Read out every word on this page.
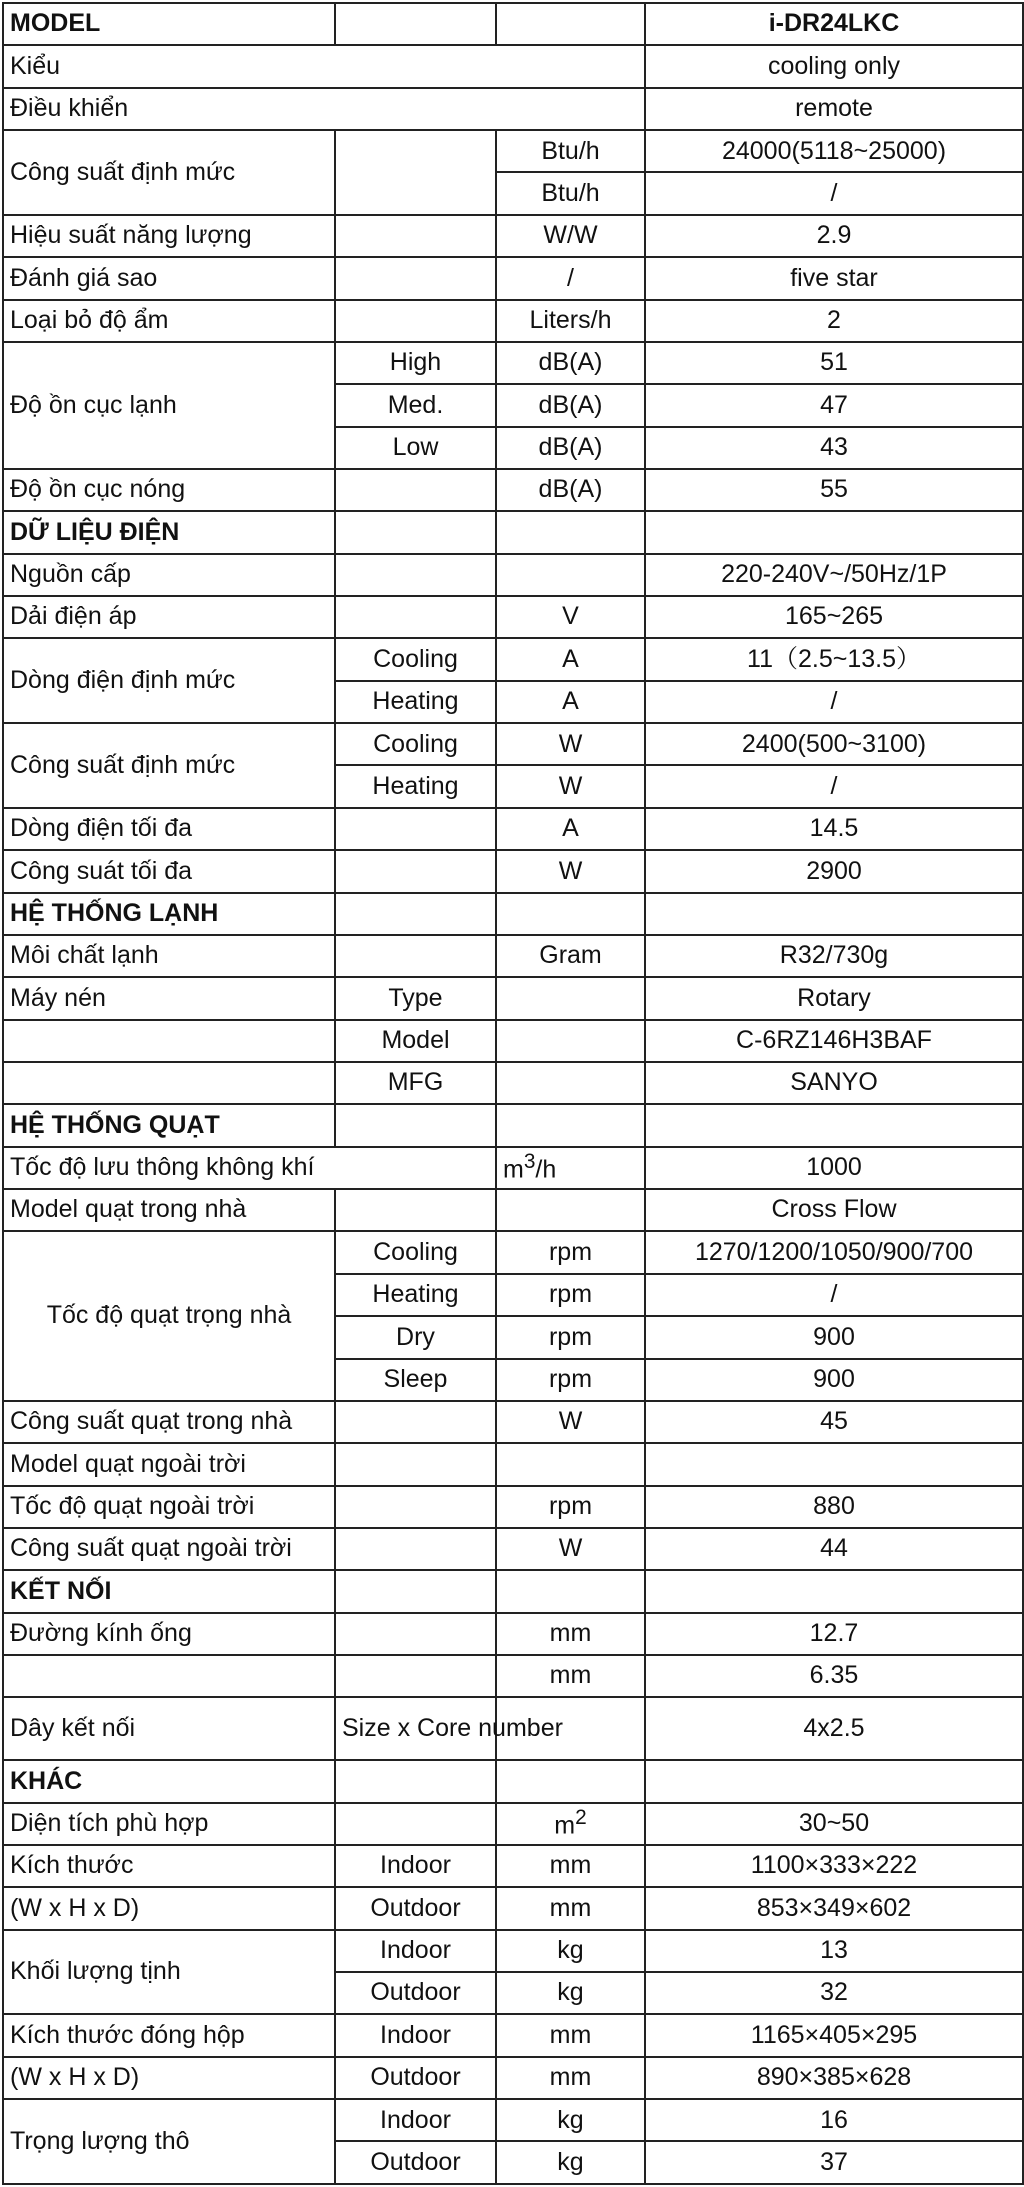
MODEL			i-DR24LKC
Kiểu			cooling only
Điều khiển			remote
Công suất định mức		Btu/h	24000(5118~25000)
		Btu/h	/
Hiệu suất năng lượng		W/W	2.9
Đánh giá sao		/	five star
Loại bỏ độ ẩm		Liters/h	2
Độ ồn cục lạnh	High	dB(A)	51
	Med.	dB(A)	47
	Low	dB(A)	43
Độ ồn cục nóng		dB(A)	55
DỮ LIỆU ĐIỆN			
Nguồn cấp			220-240V~/50Hz/1P
Dải điện áp		V	165~265
Dòng điện định mức	Cooling	A	11（2.5~13.5）
	Heating	A	/
Công suất định mức	Cooling	W	2400(500~3100)
	Heating	W	/
Dòng điện tối đa		A	14.5
Công suát tối đa		W	2900
HỆ THỐNG LẠNH			
Môi chất lạnh		Gram	R32/730g
Máy nén	Type		Rotary
	Model		C-6RZ146H3BAF
	MFG		SANYO
HỆ THỐNG QUẠT			
Tốc độ lưu thông không khí		$m^3/h$	1000
Model quạt trong nhà			Cross Flow
Tốc độ quạt trọng nhà	Cooling	rpm	1270/1200/1050/900/700
	Heating	rpm	/
	Dry	rpm	900
	Sleep	rpm	900
Công suất quạt trong nhà		W	45
Model quạt ngoài trời			
Tốc độ quạt ngoài trời		rpm	880
Công suất quạt ngoài trời		W	44
KẾT NỐI			
Đường kính ống		mm	12.7
		mm	6.35
Dây kết nối	Size x Core number		4x2.5
KHÁC			
Diện tích phù hợp		$m^2$	30~50
Kích thước	Indoor	mm	1100×333×222
(W x H x D)	Outdoor	mm	853×349×602
Khối lượng tịnh	Indoor	kg	13
	Outdoor	kg	32
Kích thước đóng hộp	Indoor	mm	1165×405×295
(W x H x D)	Outdoor	mm	890×385×628
Trọng lượng thô	Indoor	kg	16
	Outdoor	kg	37
